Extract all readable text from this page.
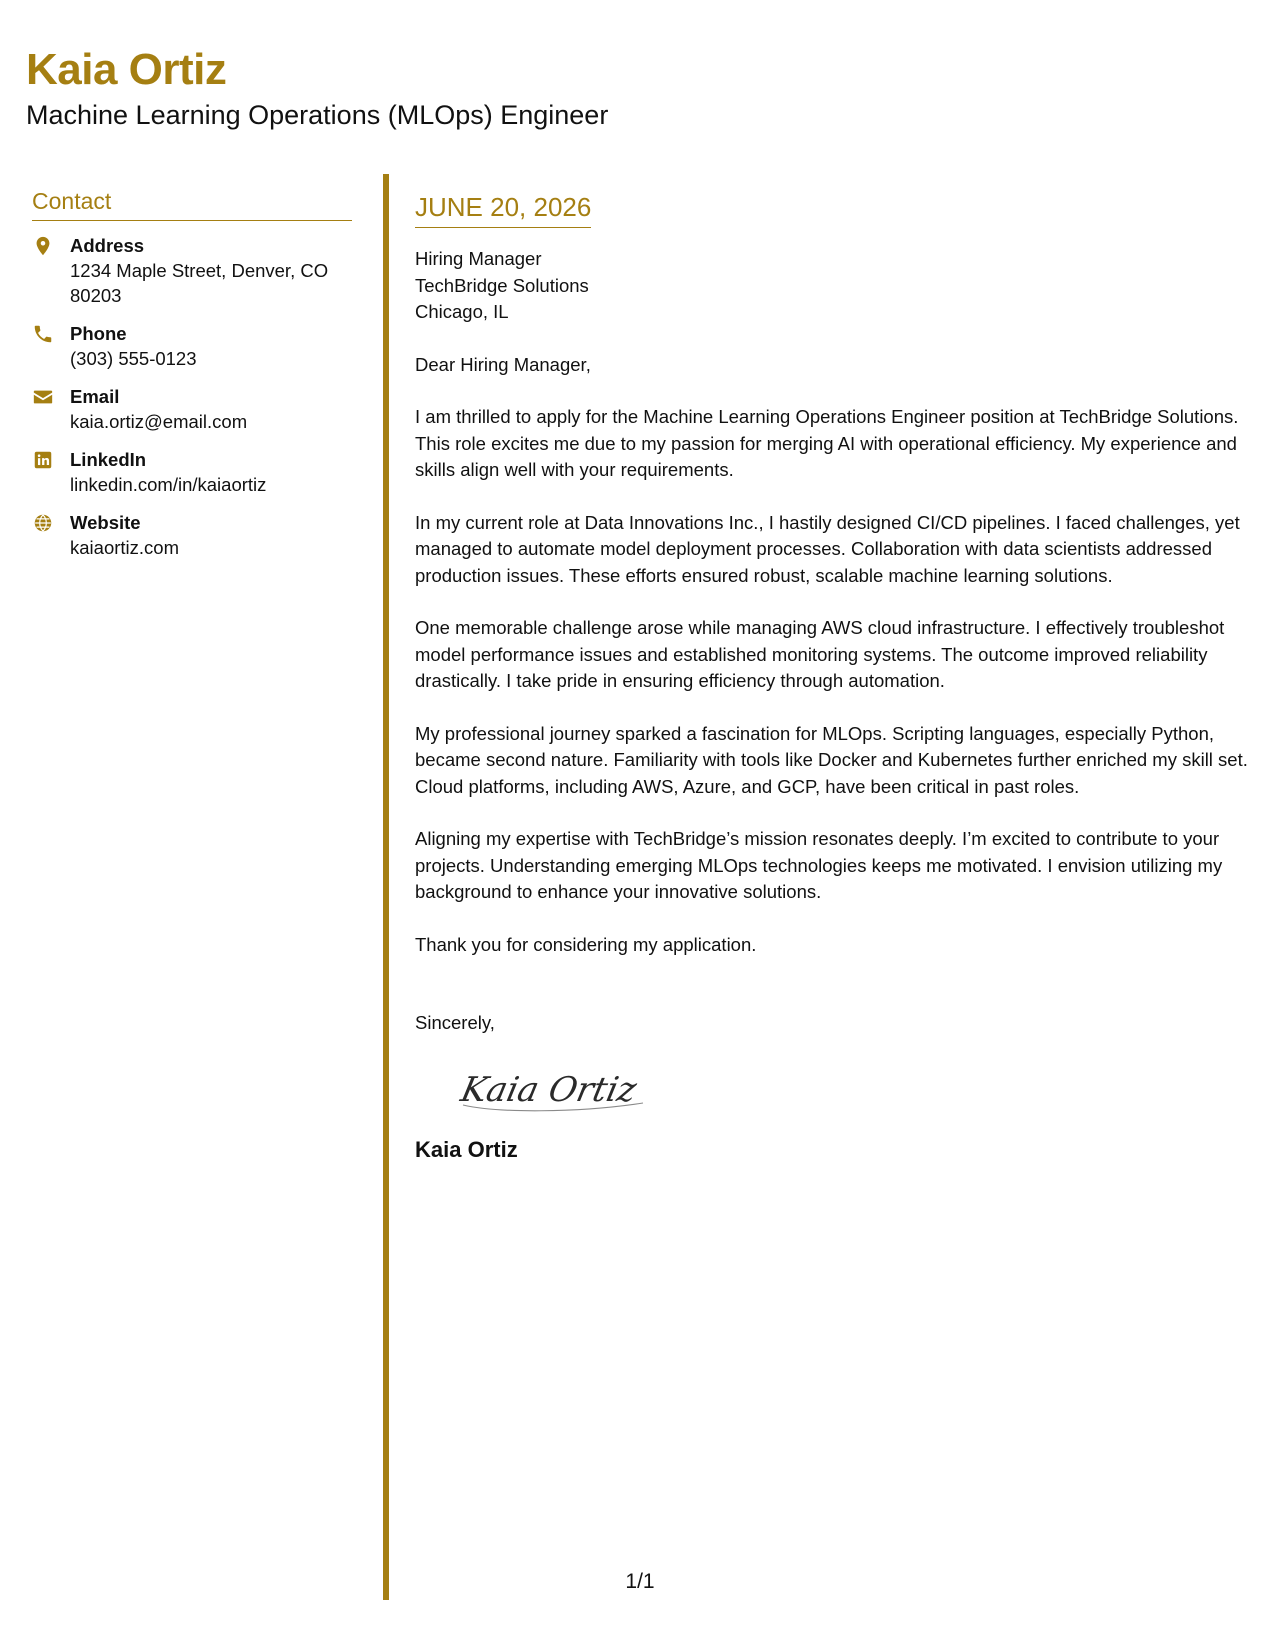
Kaia Ortiz
Machine Learning Operations (MLOps) Engineer
Contact
Address
1234 Maple Street, Denver, CO 80203
Phone
(303) 555-0123
Email
kaia.ortiz@email.com
LinkedIn
linkedin.com/in/kaiaortiz
Website
kaiaortiz.com
JUNE 20, 2026
Hiring Manager
TechBridge Solutions
Chicago, IL
Dear Hiring Manager,
I am thrilled to apply for the Machine Learning Operations Engineer position at TechBridge Solutions. This role excites me due to my passion for merging AI with operational efficiency. My experience and skills align well with your requirements.
In my current role at Data Innovations Inc., I hastily designed CI/CD pipelines. I faced challenges, yet managed to automate model deployment processes. Collaboration with data scientists addressed production issues. These efforts ensured robust, scalable machine learning solutions.
One memorable challenge arose while managing AWS cloud infrastructure. I effectively troubleshot model performance issues and established monitoring systems. The outcome improved reliability drastically. I take pride in ensuring efficiency through automation.
My professional journey sparked a fascination for MLOps. Scripting languages, especially Python, became second nature. Familiarity with tools like Docker and Kubernetes further enriched my skill set. Cloud platforms, including AWS, Azure, and GCP, have been critical in past roles.
Aligning my expertise with TechBridge’s mission resonates deeply. I’m excited to contribute to your projects. Understanding emerging MLOps technologies keeps me motivated. I envision utilizing my background to enhance your innovative solutions.
Thank you for considering my application.
Sincerely,
Kaia Ortiz
Kaia Ortiz
1/1
